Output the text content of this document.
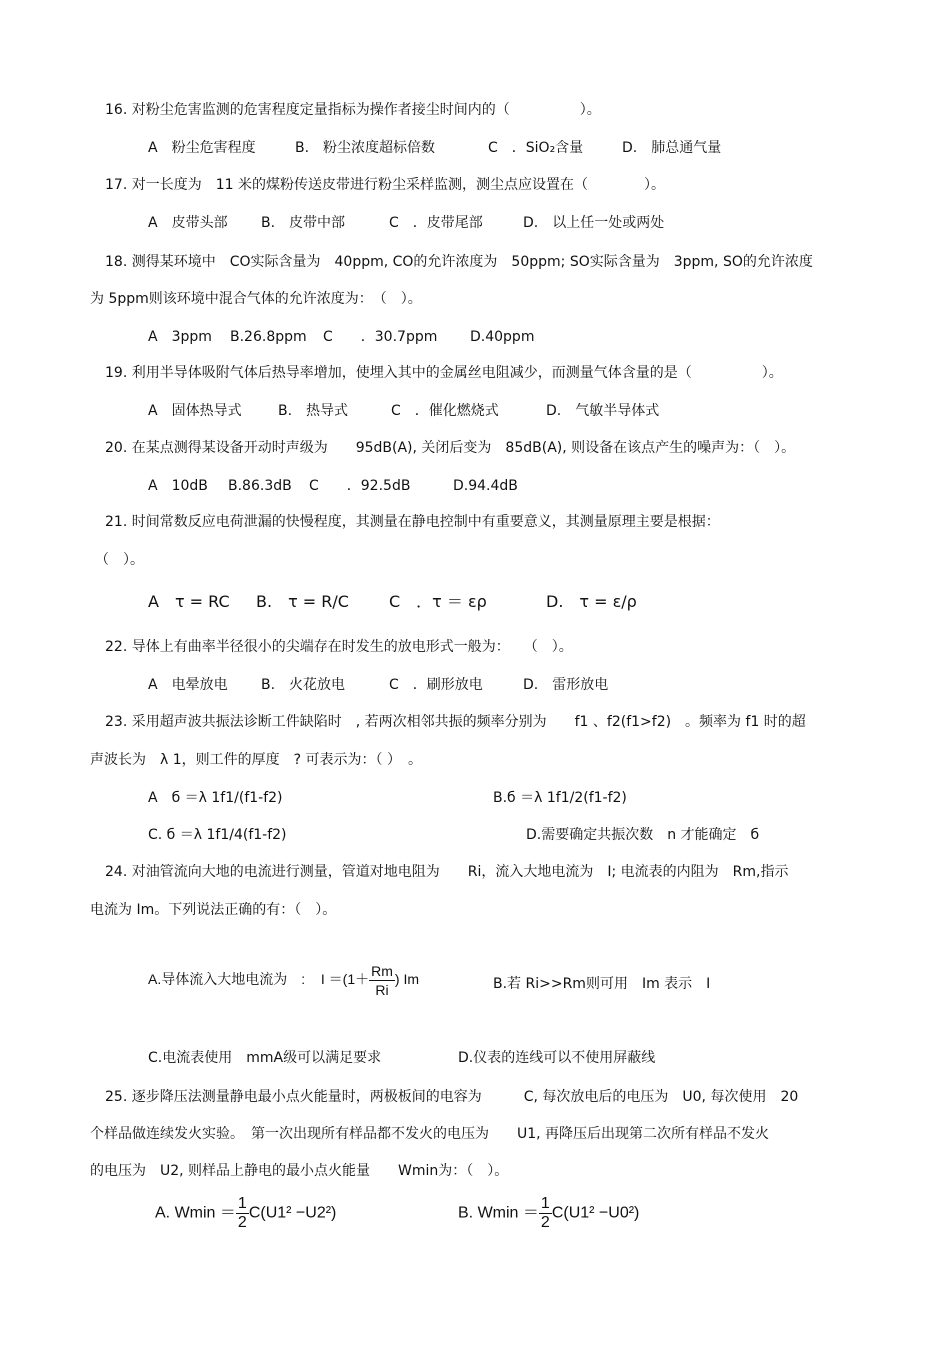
16. 对粉尘危害监测的危害程度定量指标为操作者接尘时间内的（　　　　　）。
A　粉尘危害程度	B.　粉尘浓度超标倍数	C　．SiO₂含量	D.　肺总通气量
17. 对一长度为　11 米的煤粉传送皮带进行粉尘采样监测，测尘点应设置在（　　　　）。
A　皮带头部 B.　皮带中部	C　．皮带尾部	D.　以上任一处或两处
18. 测得某环境中　CO实际含量为　40ppm, CO的允许浓度为　50ppm; SO实际含量为　3ppm, SO的允许浓度
为 5ppm则该环境中混合气体的允许浓度为：　（　）。
A　3ppm B.26.8ppm C　　．30.7ppm D.40ppm
19. 利用半导体吸附气体后热导率增加，使埋入其中的金属丝电阻减少，而测量气体含量的是（　　　　　）。
A　固体热导式	B.　热导式	C　．催化燃烧式	D.　气敏半导体式
20. 在某点测得某设备开动时声级为　　95dB(A), 关闭后变为　85dB(A), 则设备在该点产生的噪声为：（　）。
A　10dB B.86.3dB C　　．92.5dB	D.94.4dB
21. 时间常数反应电荷泄漏的快慢程度，其测量在静电控制中有重要意义，其测量原理主要是根据：
（　）。
A　τ = RC B.　τ = R/C	C　．τ ＝ ερ	D.　τ = ε/ρ
22. 导体上有曲率半径很小的尖端存在时发生的放电形式一般为：　　（　）。
A　电晕放电 B.　火花放电	C　．刷形放电	D.　雷形放电
23. 采用超声波共振法诊断工件缺陷时　, 若两次相邻共振的频率分别为　　f1 、f2(f1>f2)　。频率为 f1 时的超
声波长为　λ 1，则工件的厚度　? 可表示为：（ ）　。
A　б ＝λ 1f1/(f1-f2)	B.б ＝λ 1f1/2(f1-f2)
C. б ＝λ 1f1/4(f1-f2)	D.需要确定共振次数　n 才能确定　б
24. 对油管流向大地的电流进行测量，管道对地电阻为　　Ri，流入大地电流为　I; 电流表的内阻为　Rm,指示
电流为 Im。下列说法正确的有：（　）。
A.导体流入大地电流为　: $I =(1+ \frac{Rm}{Ri}$ ) Im	B.若 Ri>>Rm则可用　Im 表示　I
C.电流表使用　mmA级可以满足要求	D.仪表的连线可以不使用屏蔽线
25. 逐步降压法测量静电最小点火能量时，两极板间的电容为　　　C, 每次放电后的电压为　U0, 每次使用　20
个样品做连续发火实验。　第一次出现所有样品都不发火的电压为　　U1, 再降压后出现第二次所有样品不发火
的电压为　U2, 则样品上静电的最小点火能量　　Wmin为：（　）。
A. $Wmin = \frac{1}{2} C(U1^2 -U2^2)$	B. $Wmin = \frac{1}{2} C(U1^2 -U0^2)$
